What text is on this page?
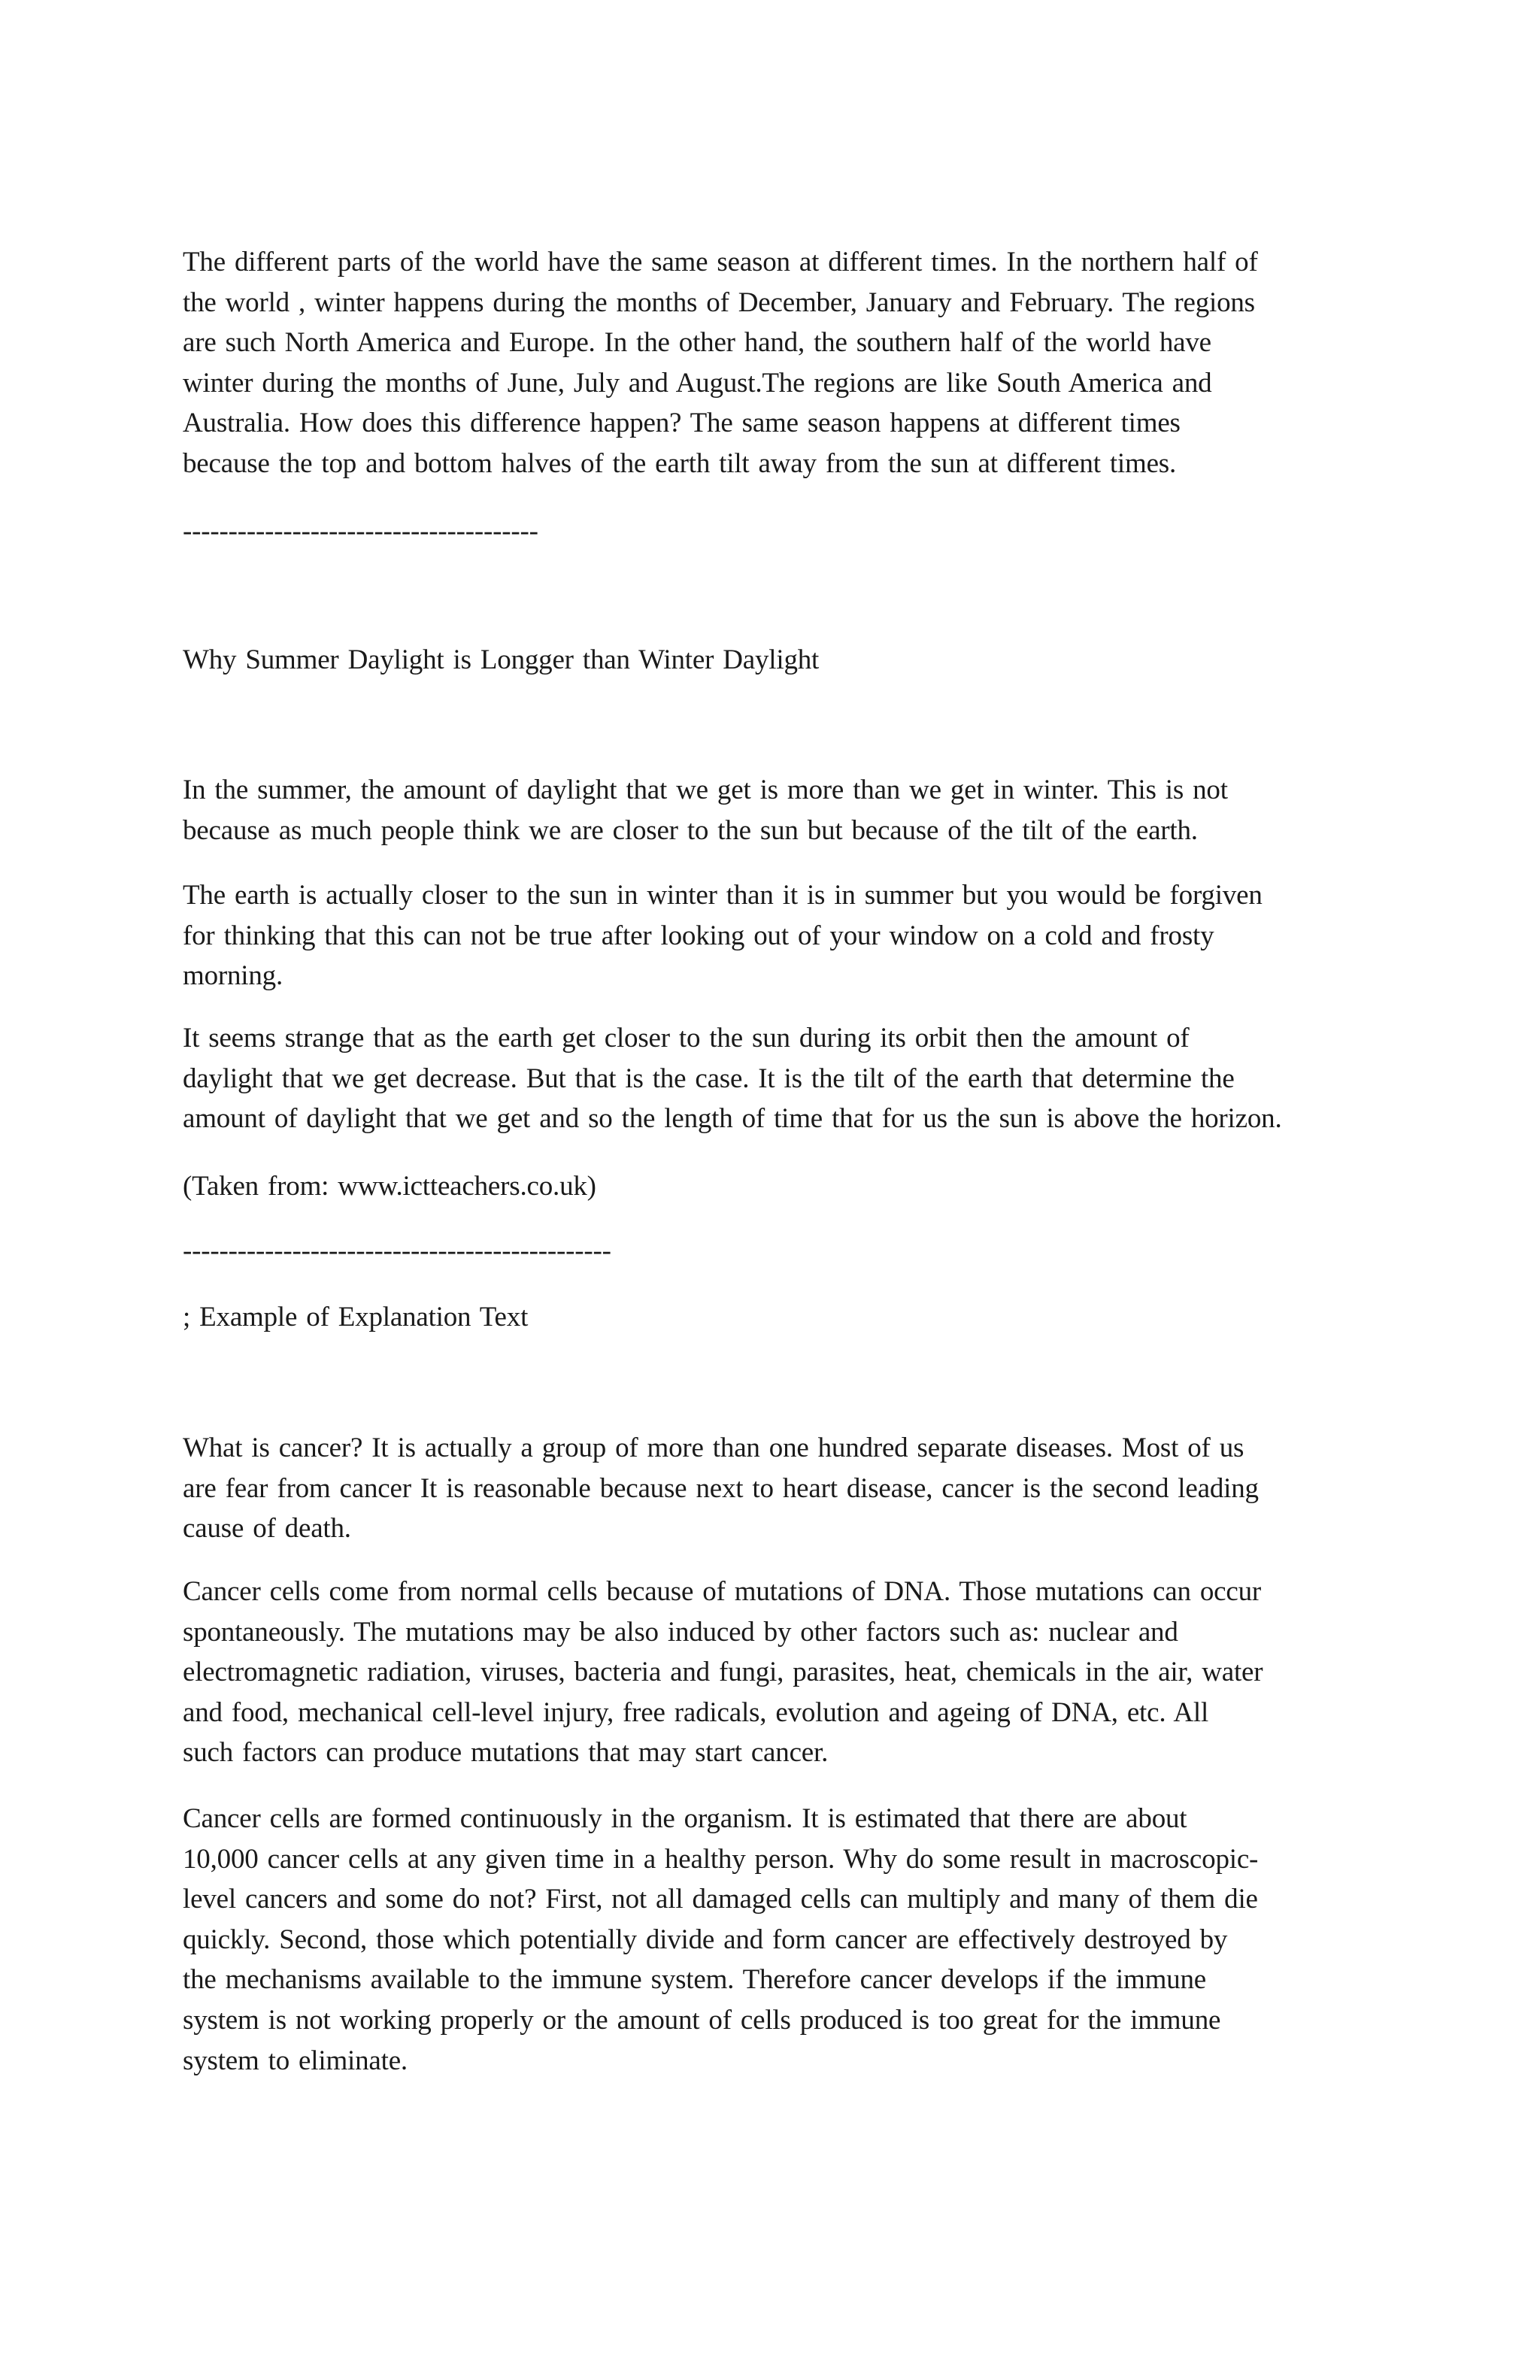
The different parts of the world have the same season at different times. In the northern half of
the world , winter happens during the months of December, January and February. The regions
are such North America and Europe. In the other hand, the southern half of the world have
winter during the months of June, July and August.The regions are like South America and
Australia. How does this difference happen? The same season happens at different times
because the top and bottom halves of the earth tilt away from the sun at different times.

---------------------------------------

Why Summer Daylight is Longger than Winter Daylight

In the summer, the amount of daylight that we get is more than we get in winter. This is not
because as much people think we are closer to the sun but because of the tilt of the earth.

The earth is actually closer to the sun in winter than it is in summer but you would be forgiven
for thinking that this can not be true after looking out of your window on a cold and frosty
morning.

It seems strange that as the earth get closer to the sun during its orbit then the amount of
daylight that we get decrease. But that is the case. It is the tilt of the earth that determine the
amount of daylight that we get and so the length of time that for us the sun is above the horizon.

(Taken from: www.ictteachers.co.uk)

-----------------------------------------------

; Example of Explanation Text

What is cancer? It is actually a group of more than one hundred separate diseases. Most of us
are fear from cancer It is reasonable because next to heart disease, cancer is the second leading
cause of death.

Cancer cells come from normal cells because of mutations of DNA. Those mutations can occur
spontaneously. The mutations may be also induced by other factors such as: nuclear and
electromagnetic radiation, viruses, bacteria and fungi, parasites, heat, chemicals in the air, water
and food, mechanical cell-level injury, free radicals, evolution and ageing of DNA, etc. All
such factors can produce mutations that may start cancer.

Cancer cells are formed continuously in the organism. It is estimated that there are about
10,000 cancer cells at any given time in a healthy person. Why do some result in macroscopic-
level cancers and some do not? First, not all damaged cells can multiply and many of them die
quickly. Second, those which potentially divide and form cancer are effectively destroyed by
the mechanisms available to the immune system. Therefore cancer develops if the immune
system is not working properly or the amount of cells produced is too great for the immune
system to eliminate.
